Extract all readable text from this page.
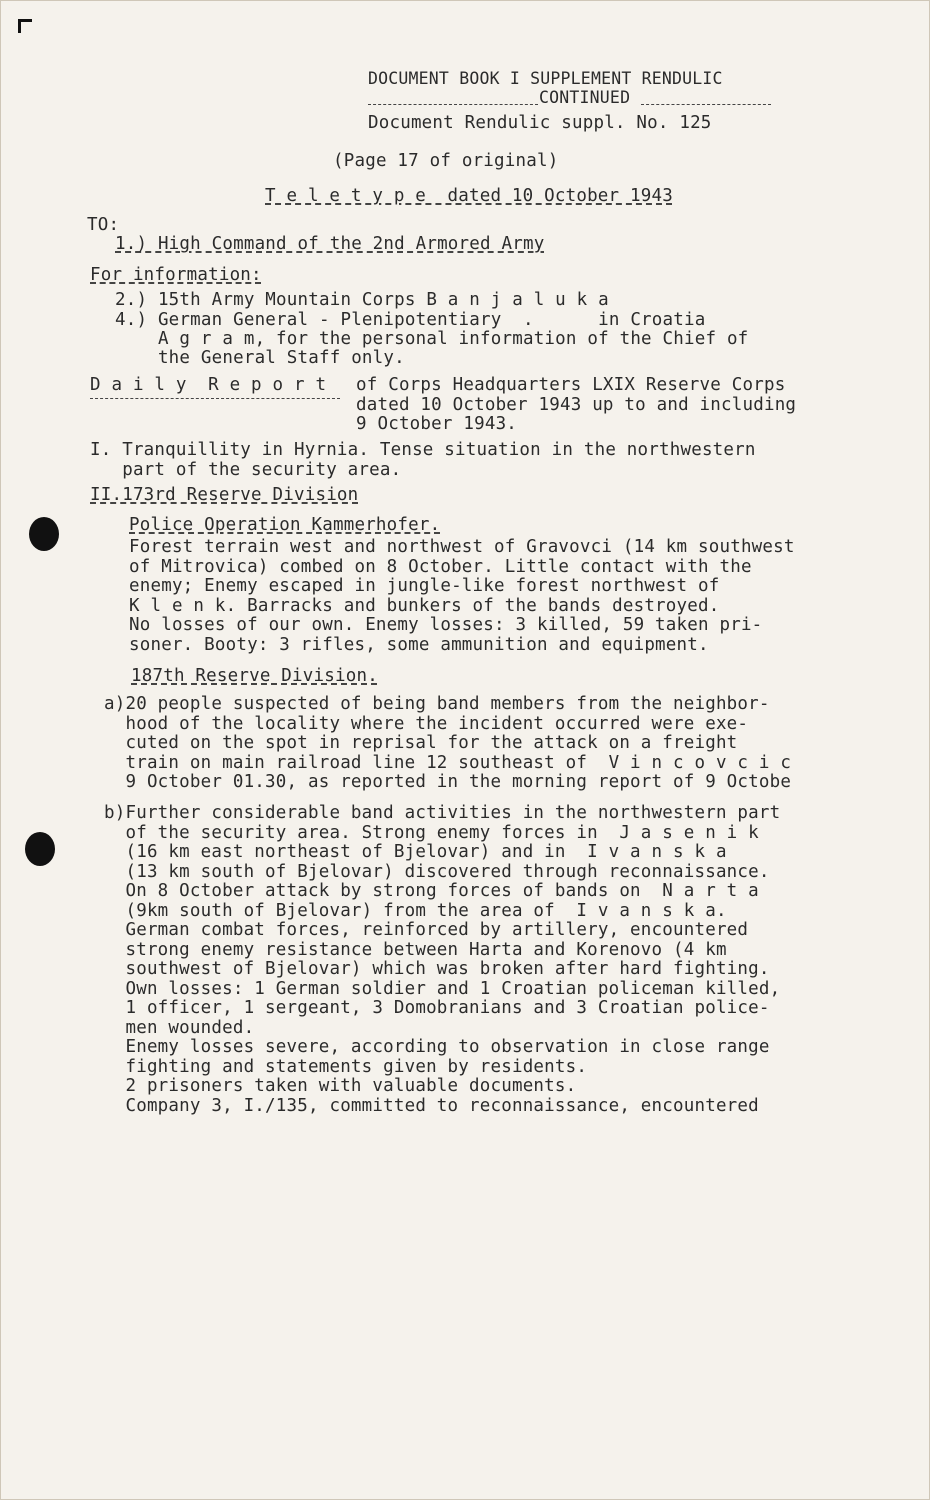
DOCUMENT BOOK I SUPPLEMENT RENDULIC
CONTINUED
Document Rendulic suppl. No. 125
(Page 17 of original)
T e l e t y p e  dated 10 October 1943
TO:
1.) High Command of the 2nd Armored Army
For information:
2.) 15th Army Mountain Corps B a n j a l u k a
4.) German General - Plenipotentiary  .      in Croatia
A g r a m, for the personal information of the Chief of
the General Staff only.
D a i l y  R e p o r t of Corps Headquarters LXIX Reserve Corps
dated 10 October 1943 up to and including
9 October 1943.
I. Tranquillity in Hyrnia. Tense situation in the northwestern
part of the security area.
II.173rd Reserve Division
Police Operation Kammerhofer.
Forest terrain west and northwest of Gravovci (14 km southwest
of Mitrovica) combed on 8 October. Little contact with the
enemy; Enemy escaped in jungle-like forest northwest of
K l e n k. Barracks and bunkers of the bands destroyed.
No losses of our own. Enemy losses: 3 killed, 59 taken pri-
soner. Booty: 3 rifles, some ammunition and equipment.
187th Reserve Division.
a)20 people suspected of being band members from the neighbor-
hood of the locality where the incident occurred were exe-
cuted on the spot in reprisal for the attack on a freight
train on main railroad line 12 southeast of  V i n c o v c i c
9 October 01.30, as reported in the morning report of 9 Octobe
b)Further considerable band activities in the northwestern part
of the security area. Strong enemy forces in  J a s e n i k
(16 km east northeast of Bjelovar) and in  I v a n s k a
(13 km south of Bjelovar) discovered through reconnaissance.
On 8 October attack by strong forces of bands on  N a r t a
(9km south of Bjelovar) from the area of  I v a n s k a.
German combat forces, reinforced by artillery, encountered
strong enemy resistance between Harta and Korenovo (4 km
southwest of Bjelovar) which was broken after hard fighting.
Own losses: 1 German soldier and 1 Croatian policeman killed,
1 officer, 1 sergeant, 3 Domobranians and 3 Croatian police-
men wounded.
Enemy losses severe, according to observation in close range
fighting and statements given by residents.
2 prisoners taken with valuable documents.
Company 3, I./135, committed to reconnaissance, encountered
